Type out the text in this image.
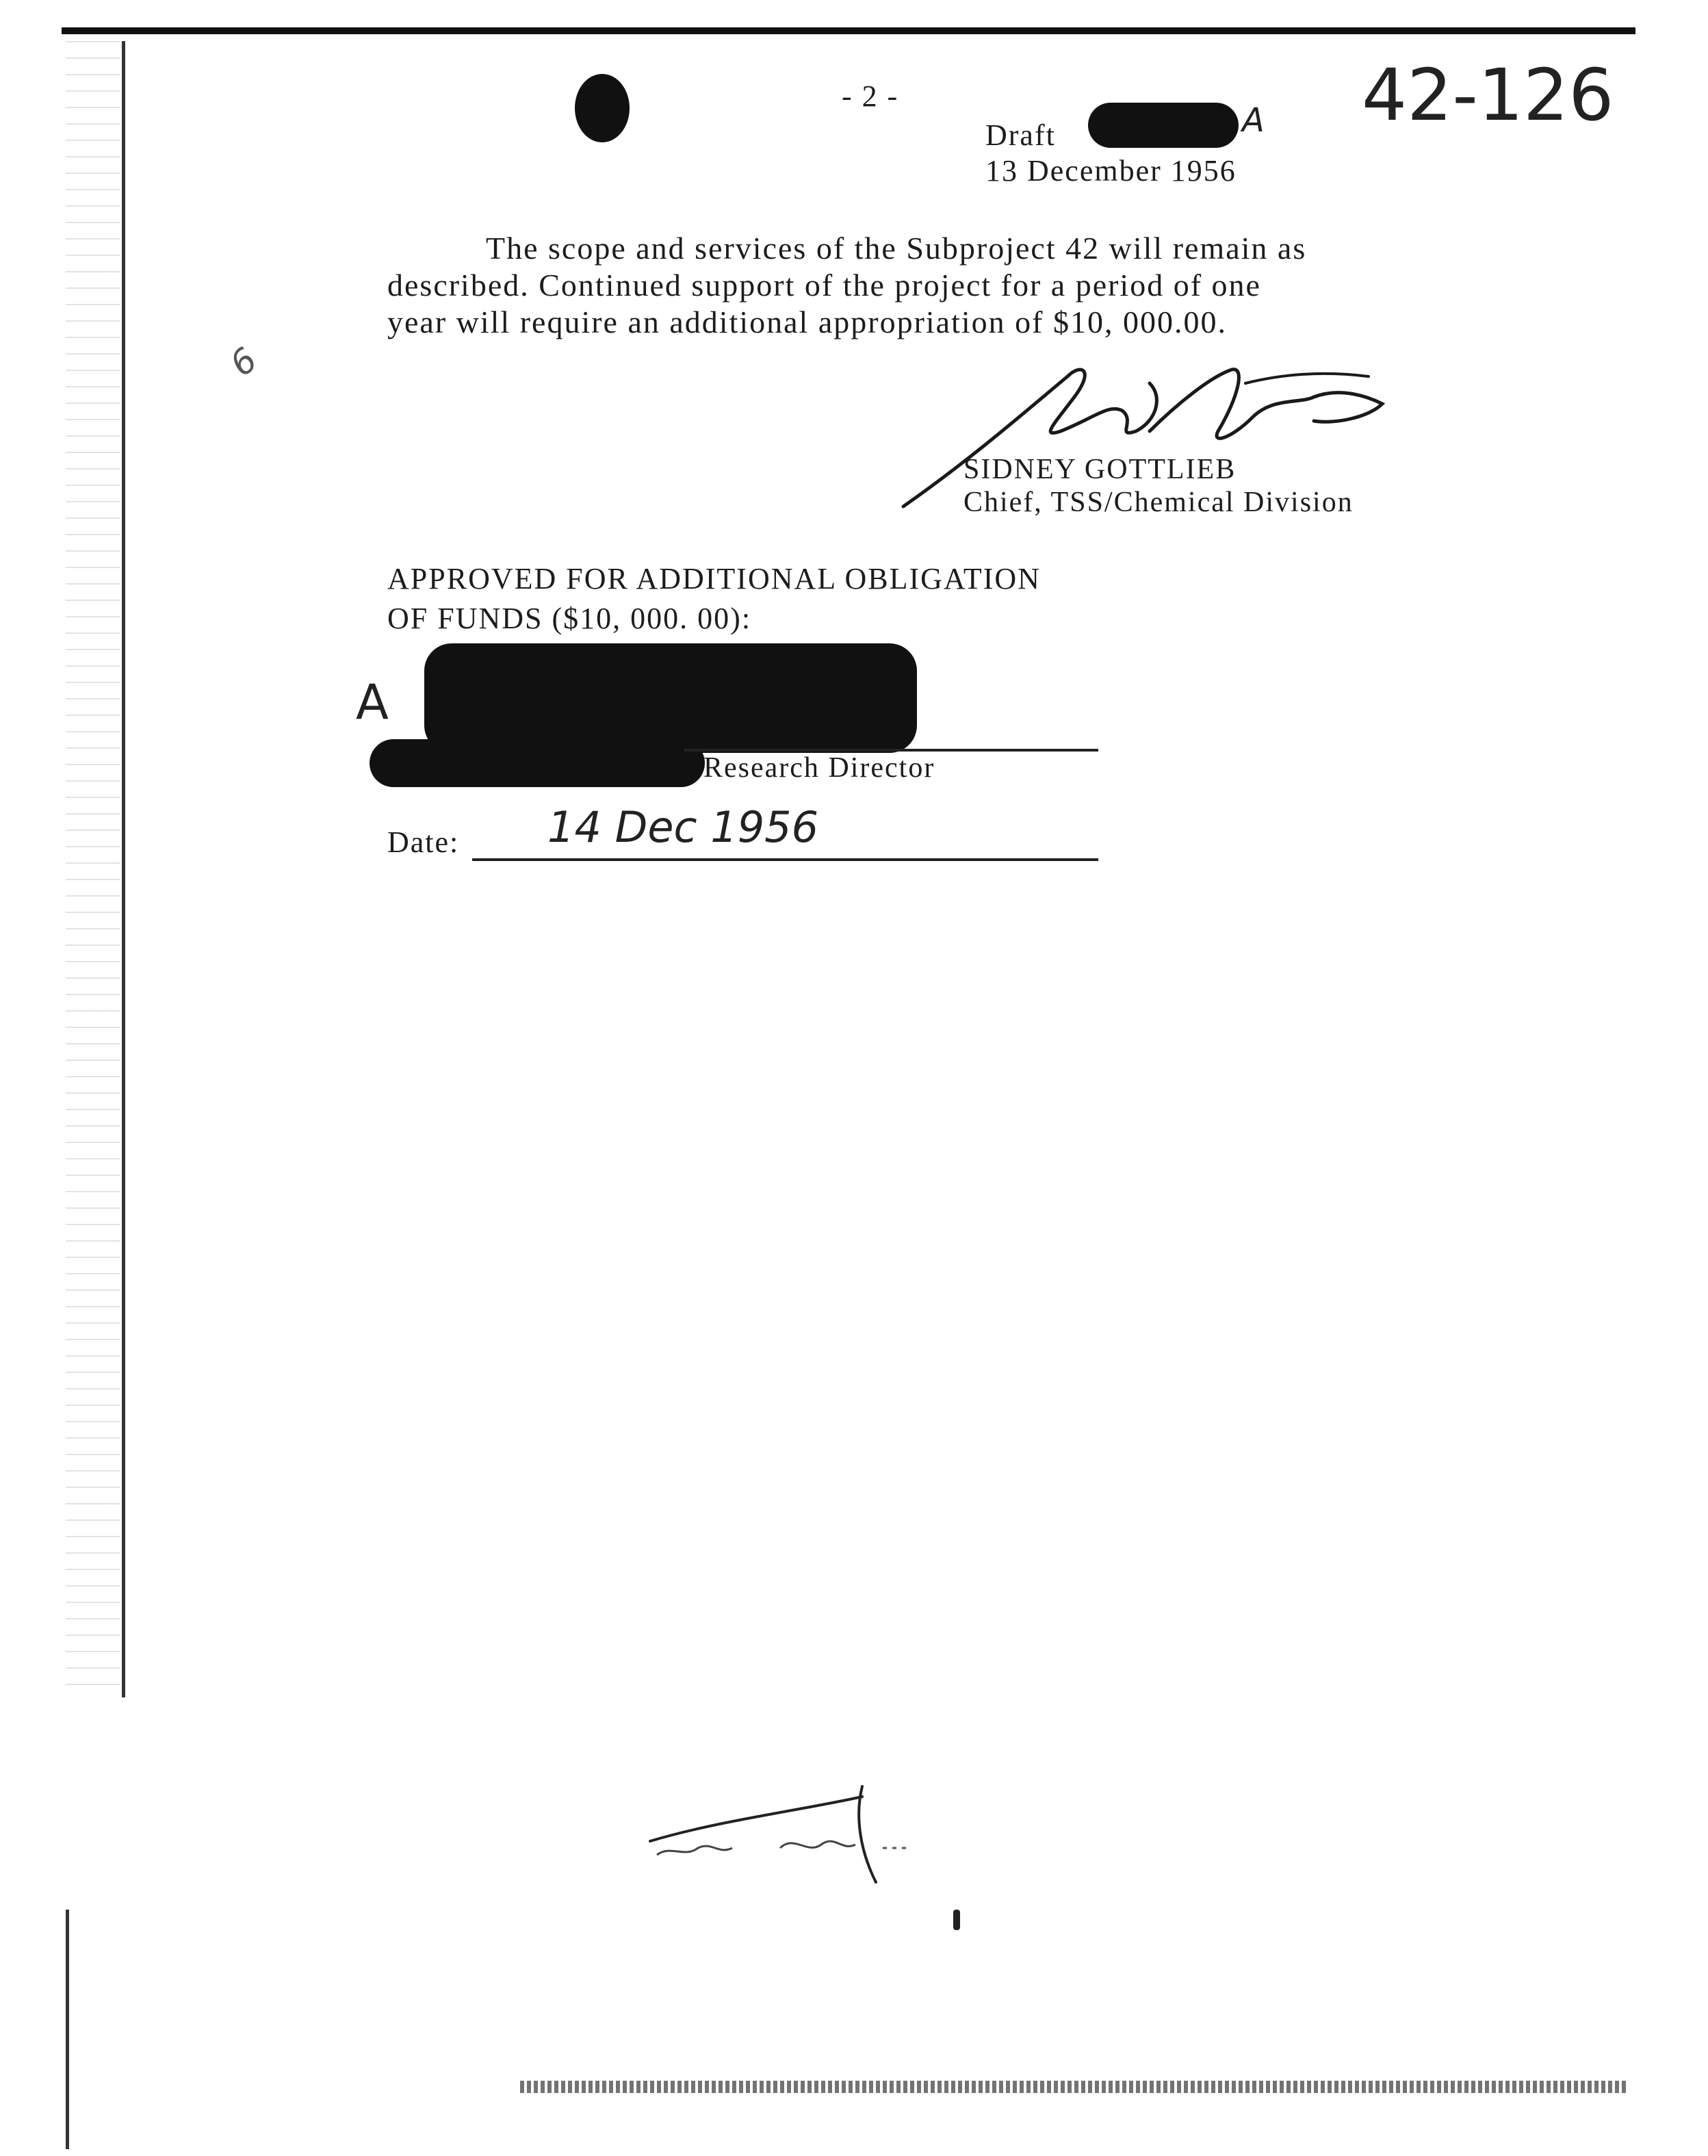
- 2 -
Draft	A
13 December 1956
42-126
The scope and services of the Subproject 42 will remain as
described. Continued support of the project for a period of one
year will require an additional appropriation of $10, 000.00.
6
SIDNEY GOTTLIEB
Chief, TSS/Chemical Division
APPROVED FOR ADDITIONAL OBLIGATION
OF FUNDS ($10, 000. 00):
A
Research Director
Date: 14 Dec 1956
